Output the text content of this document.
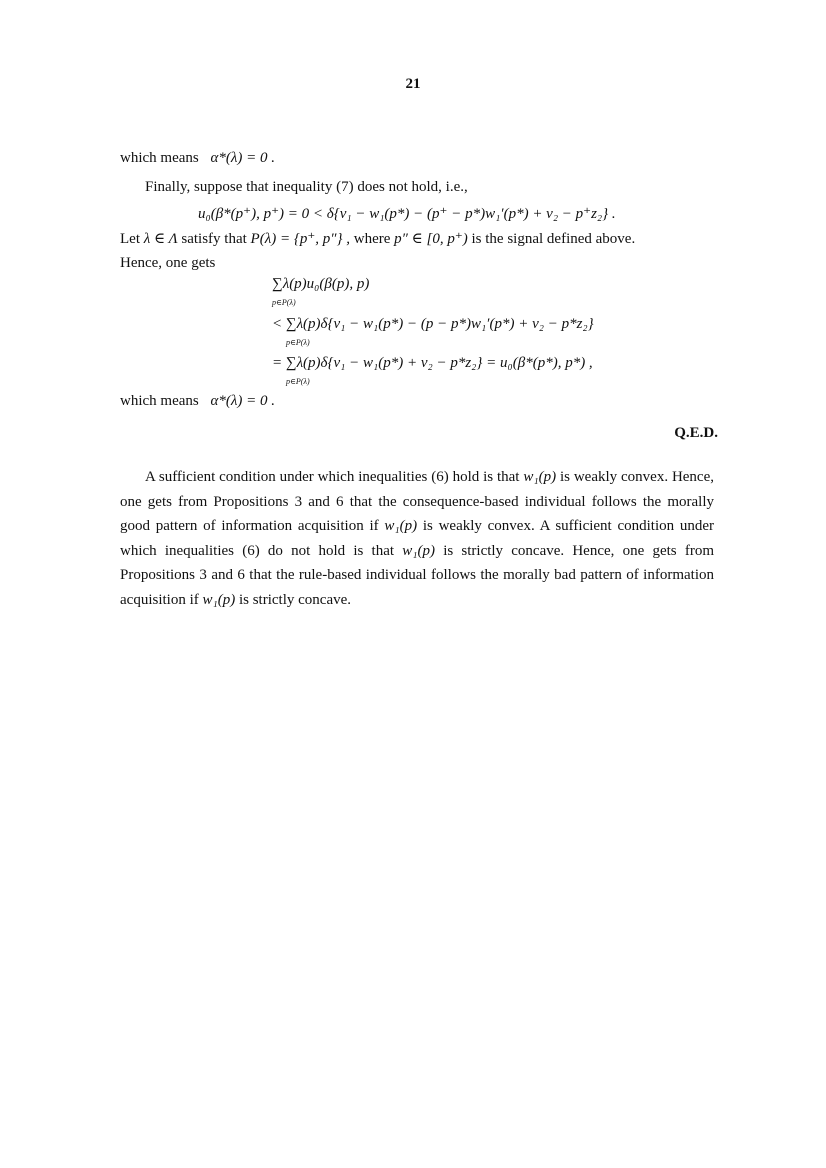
21
which means α*(λ) = 0 .
Finally, suppose that inequality (7) does not hold, i.e.,
u₀(β*(p⁺), p⁺) = 0 < δ{v₁ − w₁(p*) − (p⁺ − p*)w₁′(p*) + v₂ − p⁺z₂} .
Let λ ∈ Λ satisfy that P(λ) = {p⁺, p″} , where p″ ∈ [0, p⁺) is the signal defined above.
Hence, one gets
∑λ(p)u₀(β(p), p)
p∈P(λ)
< ∑λ(p)δ{v₁ − w₁(p*) − (p − p*)w₁′(p*) + v₂ − p*z₂}
p∈P(λ)
= ∑λ(p)δ{v₁ − w₁(p*) + v₂ − p*z₂} = u₀(β*(p*), p*) ,
p∈P(λ)
which means α*(λ) = 0 .
Q.E.D.
A sufficient condition under which inequalities (6) hold is that w₁(p) is weakly convex. Hence, one gets from Propositions 3 and 6 that the consequence-based individual follows the morally good pattern of information acquisition if w₁(p) is weakly convex. A sufficient condition under which inequalities (6) do not hold is that w₁(p) is strictly concave. Hence, one gets from Propositions 3 and 6 that the rule-based individual follows the morally bad pattern of information acquisition if w₁(p) is strictly concave.
